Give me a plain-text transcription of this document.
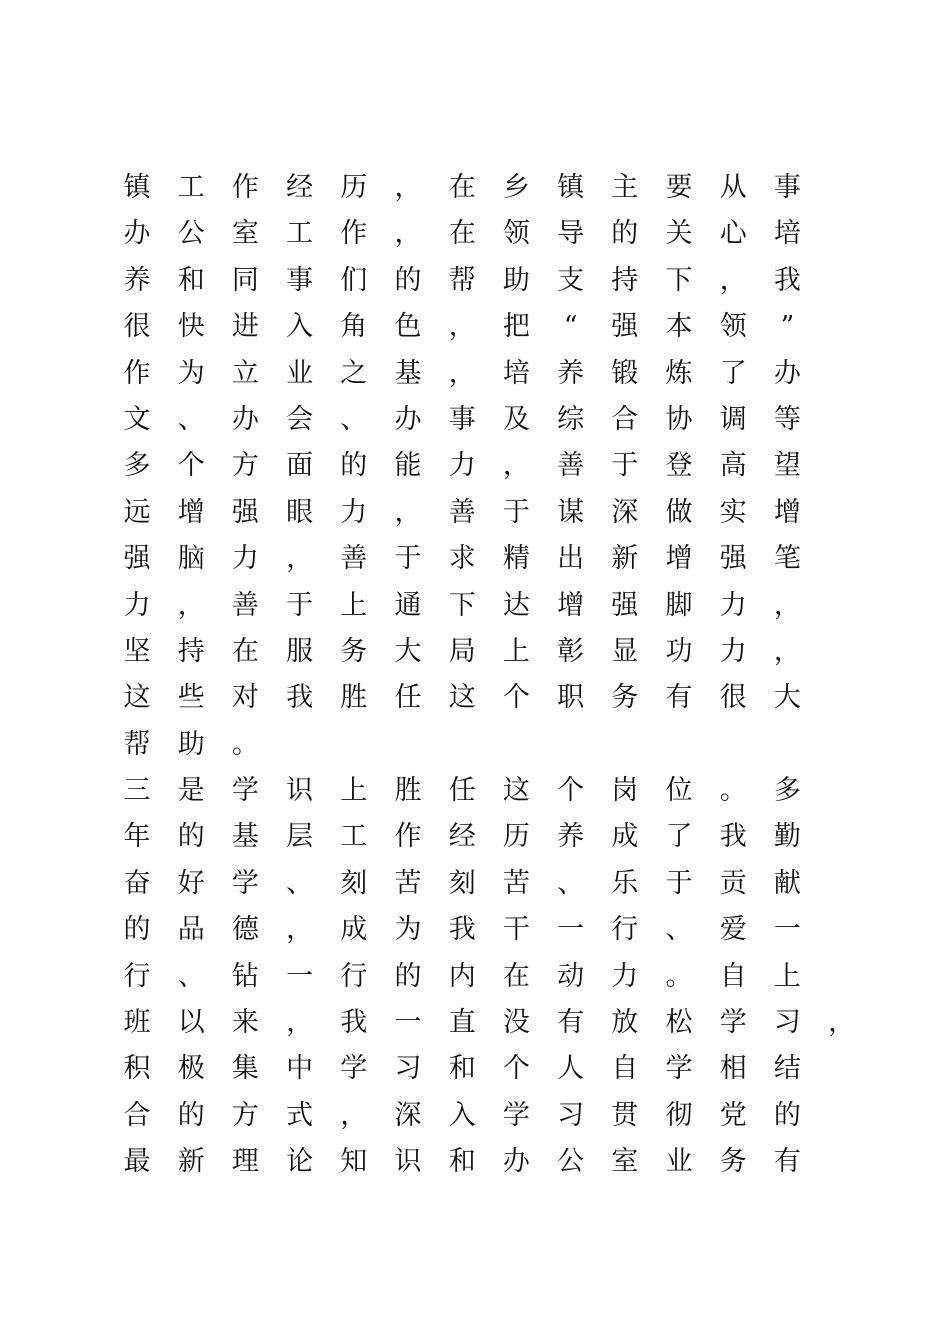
镇 工 作 经 历 ， 在 乡 镇 主 要 从 事
办 公 室 工 作 ， 在 领 导 的 关 心 培
养 和 同 事 们 的 帮 助 支 持 下 ， 我
很 快 进 入 角 色 ， 把	“	强 本 领	”
作 为 立 业 之 基 ， 培 养 锻 炼 了 办
文 、 办 会 、 办 事 及 综 合 协 调 等
多 个 方 面 的 能 力 ， 善 于 登 高 望
远 增 强 眼 力 ， 善 于 谋 深 做 实 增
强 脑 力 ， 善 于 求 精 出 新 增 强 笔
力 ， 善 于 上 通 下 达 增 强 脚 力 ，
坚 持 在 服 务 大 局 上 彰 显 功 力 ，
这 些 对 我 胜 任 这 个 职 务 有 很 大
帮 助 。
三 是 学 识 上 胜 任 这 个 岗 位 。 多
年 的 基 层 工 作 经 历 养 成 了 我 勤
奋 好 学 、 刻 苦 刻 苦 、 乐 于 贡 献
的 品 德 ， 成 为 我 干 一 行 、 爱 一
行 、 钻 一 行 的 内 在 动 力 。 自 上
班 以 来 ， 我 一 直 没 有 放 松 学 习 ，
积 极 集 中 学 习 和 个 人 自 学 相 结
合 的 方 式 ， 深 入 学 习 贯 彻 党 的
最 新 理 论 知 识 和 办 公 室 业 务 有
